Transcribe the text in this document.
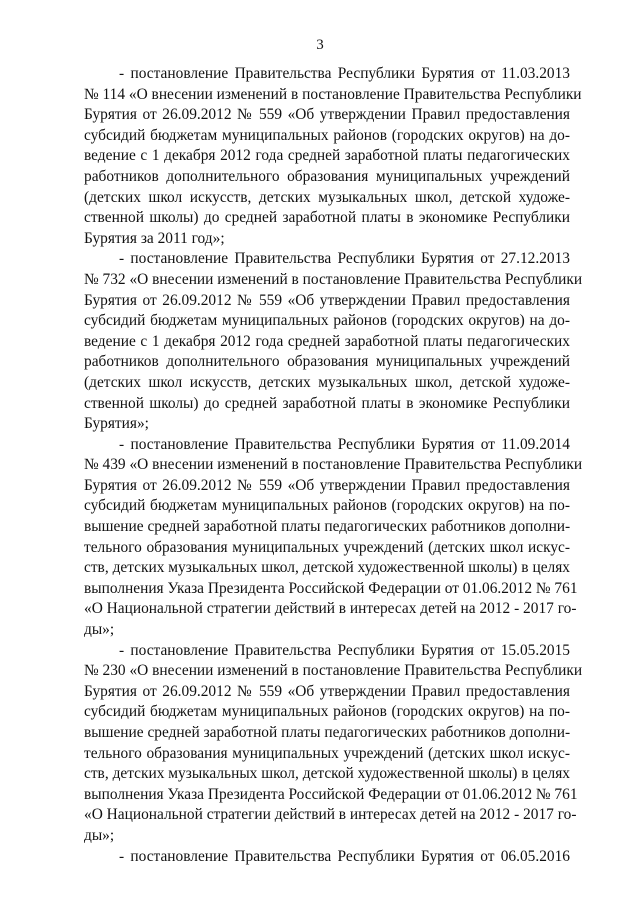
3

- постановление Правительства Республики Бурятия от 11.03.2013
№ 114 «О внесении изменений в постановление Правительства Республики
Бурятия от 26.09.2012 № 559 «Об утверждении Правил предоставления
субсидий бюджетам муниципальных районов (городских округов) на до-
ведение с 1 декабря 2012 года средней заработной платы педагогических
работников дополнительного образования муниципальных учреждений
(детских школ искусств, детских музыкальных школ, детской художе-
ственной школы) до средней заработной платы в экономике Республики
Бурятия за 2011 год»;

- постановление Правительства Республики Бурятия от 27.12.2013
№ 732 «О внесении изменений в постановление Правительства Республики
Бурятия от 26.09.2012 № 559 «Об утверждении Правил предоставления
субсидий бюджетам муниципальных районов (городских округов) на до-
ведение с 1 декабря 2012 года средней заработной платы педагогических
работников дополнительного образования муниципальных учреждений
(детских школ искусств, детских музыкальных школ, детской художе-
ственной школы) до средней заработной платы в экономике Республики
Бурятия»;

- постановление Правительства Республики Бурятия от 11.09.2014
№ 439 «О внесении изменений в постановление Правительства Республики
Бурятия от 26.09.2012 № 559 «Об утверждении Правил предоставления
субсидий бюджетам муниципальных районов (городских округов) на по-
вышение средней заработной платы педагогических работников дополни-
тельного образования муниципальных учреждений (детских школ искус-
ств, детских музыкальных школ, детской художественной школы) в целях
выполнения Указа Президента Российской Федерации от 01.06.2012 № 761
«О Национальной стратегии действий в интересах детей на 2012 - 2017 го-
ды»;

- постановление Правительства Республики Бурятия от 15.05.2015
№ 230 «О внесении изменений в постановление Правительства Республики
Бурятия от 26.09.2012 № 559 «Об утверждении Правил предоставления
субсидий бюджетам муниципальных районов (городских округов) на по-
вышение средней заработной платы педагогических работников дополни-
тельного образования муниципальных учреждений (детских школ искус-
ств, детских музыкальных школ, детской художественной школы) в целях
выполнения Указа Президента Российской Федерации от 01.06.2012 № 761
«О Национальной стратегии действий в интересах детей на 2012 - 2017 го-
ды»;

- постановление Правительства Республики Бурятия от 06.05.2016
